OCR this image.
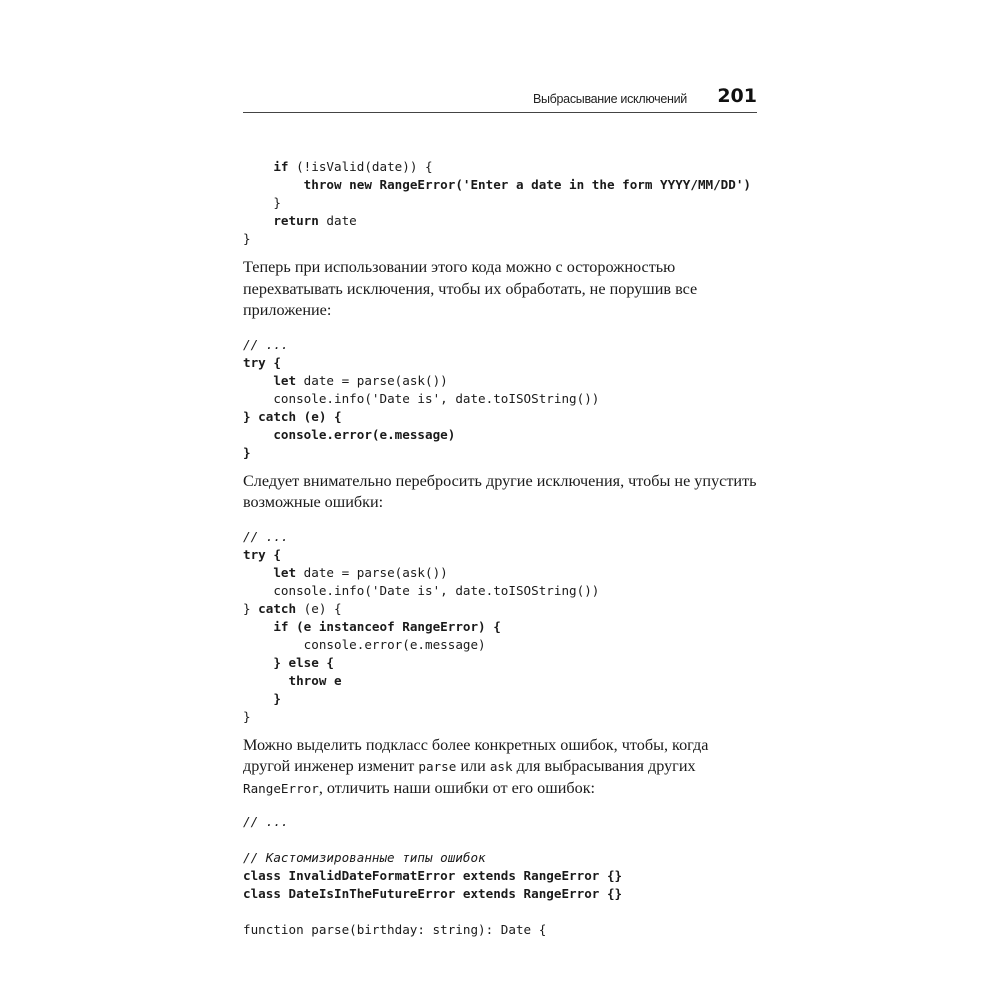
Выбрасывание исключений 201
if (!isValid(date)) {
throw new RangeError('Enter a date in the form YYYY/MM/DD')
}
return date
}

Теперь при использовании этого кода можно с осторожностью перехватывать исключения, чтобы их обработать, не порушив все приложение:

// ...
try {
let date = parse(ask())
console.info('Date is', date.toISOString())
} catch (e) {
console.error(e.message)
}

Следует внимательно перебросить другие исключения, чтобы не упустить возможные ошибки:

// ...
try {
let date = parse(ask())
console.info('Date is', date.toISOString())
} catch (e) {
if (e instanceof RangeError) {
console.error(e.message)
} else {
throw e
}
}

Можно выделить подкласс более конкретных ошибок, чтобы, когда другой инженер изменит parse или ask для выбрасывания других RangeError, отличить наши ошибки от его ошибок:

// ...
// Кастомизированные типы ошибок
class InvalidDateFormatError extends RangeError {}
class DateIsInTheFutureError extends RangeError {}
function parse(birthday: string): Date {
